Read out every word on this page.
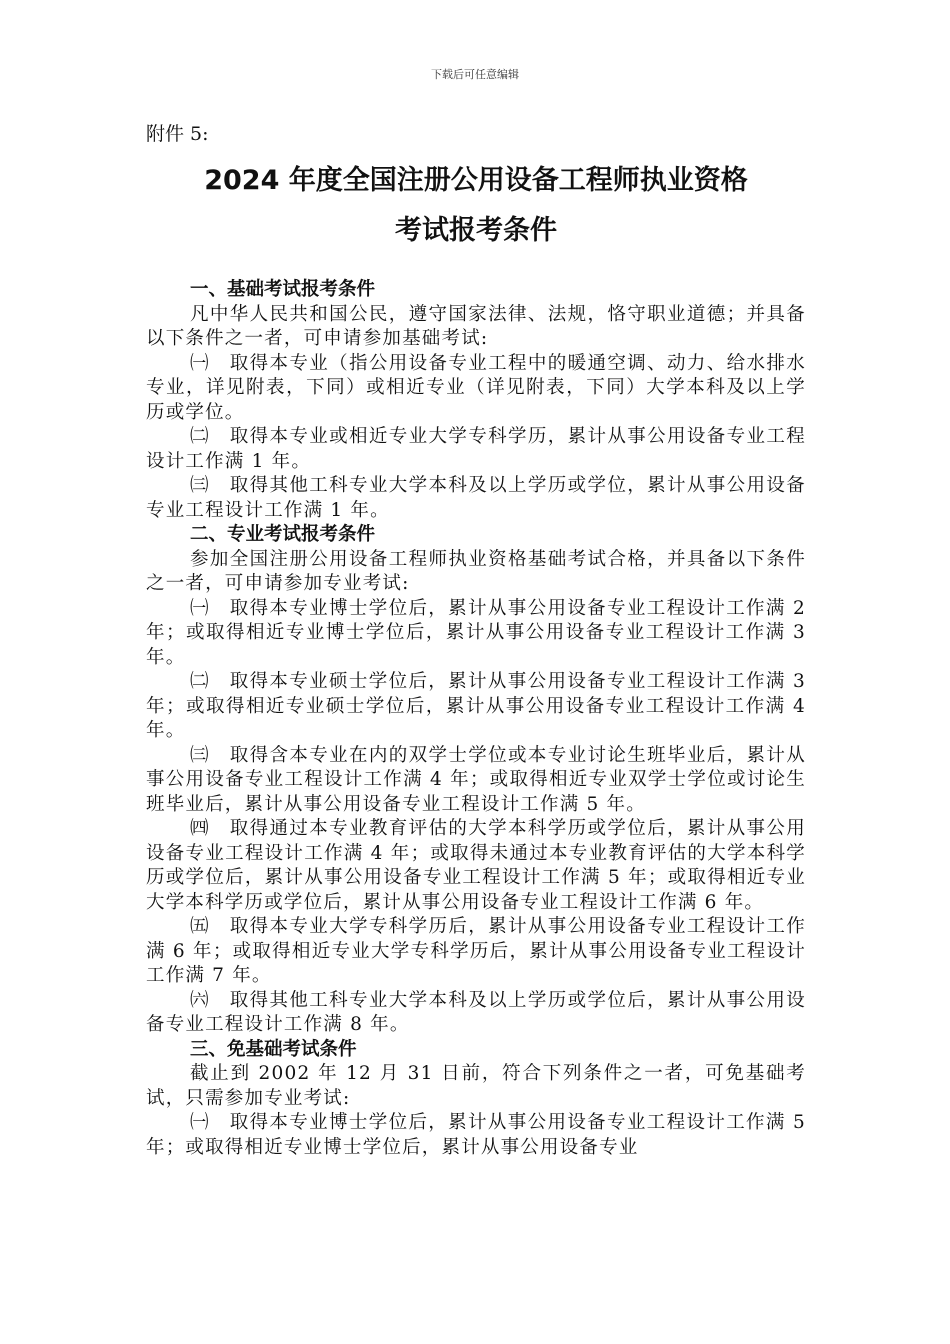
下载后可任意编辑

附件 5:

2024 年度全国注册公用设备工程师执业资格
考试报考条件

一、基础考试报考条件

凡中华人民共和国公民，遵守国家法律、法规，恪守职业道德；并具备以下条件之一者，可申请参加基础考试:

㈠　取得本专业（指公用设备专业工程中的暖通空调、动力、给水排水专业，详见附表，下同）或相近专业（详见附表，下同）大学本科及以上学历或学位。

㈡　取得本专业或相近专业大学专科学历，累计从事公用设备专业工程设计工作满 1 年。

㈢　取得其他工科专业大学本科及以上学历或学位，累计从事公用设备专业工程设计工作满 1 年。

二、专业考试报考条件

参加全国注册公用设备工程师执业资格基础考试合格，并具备以下条件之一者，可申请参加专业考试:

㈠　取得本专业博士学位后，累计从事公用设备专业工程设计工作满 2 年；或取得相近专业博士学位后，累计从事公用设备专业工程设计工作满 3 年。

㈡　取得本专业硕士学位后，累计从事公用设备专业工程设计工作满 3 年；或取得相近专业硕士学位后，累计从事公用设备专业工程设计工作满 4 年。

㈢　取得含本专业在内的双学士学位或本专业讨论生班毕业后，累计从事公用设备专业工程设计工作满 4 年；或取得相近专业双学士学位或讨论生班毕业后，累计从事公用设备专业工程设计工作满 5 年。

㈣　取得通过本专业教育评估的大学本科学历或学位后，累计从事公用设备专业工程设计工作满 4 年；或取得未通过本专业教育评估的大学本科学历或学位后，累计从事公用设备专业工程设计工作满 5 年；或取得相近专业大学本科学历或学位后，累计从事公用设备专业工程设计工作满 6 年。

㈤　取得本专业大学专科学历后，累计从事公用设备专业工程设计工作满 6 年；或取得相近专业大学专科学历后，累计从事公用设备专业工程设计工作满 7 年。

㈥　取得其他工科专业大学本科及以上学历或学位后，累计从事公用设备专业工程设计工作满 8 年。

三、免基础考试条件

截止到 2002 年 12 月 31 日前，符合下列条件之一者，可免基础考试，只需参加专业考试:

㈠　取得本专业博士学位后，累计从事公用设备专业工程设计工作满 5 年；或取得相近专业博士学位后，累计从事公用设备专业
